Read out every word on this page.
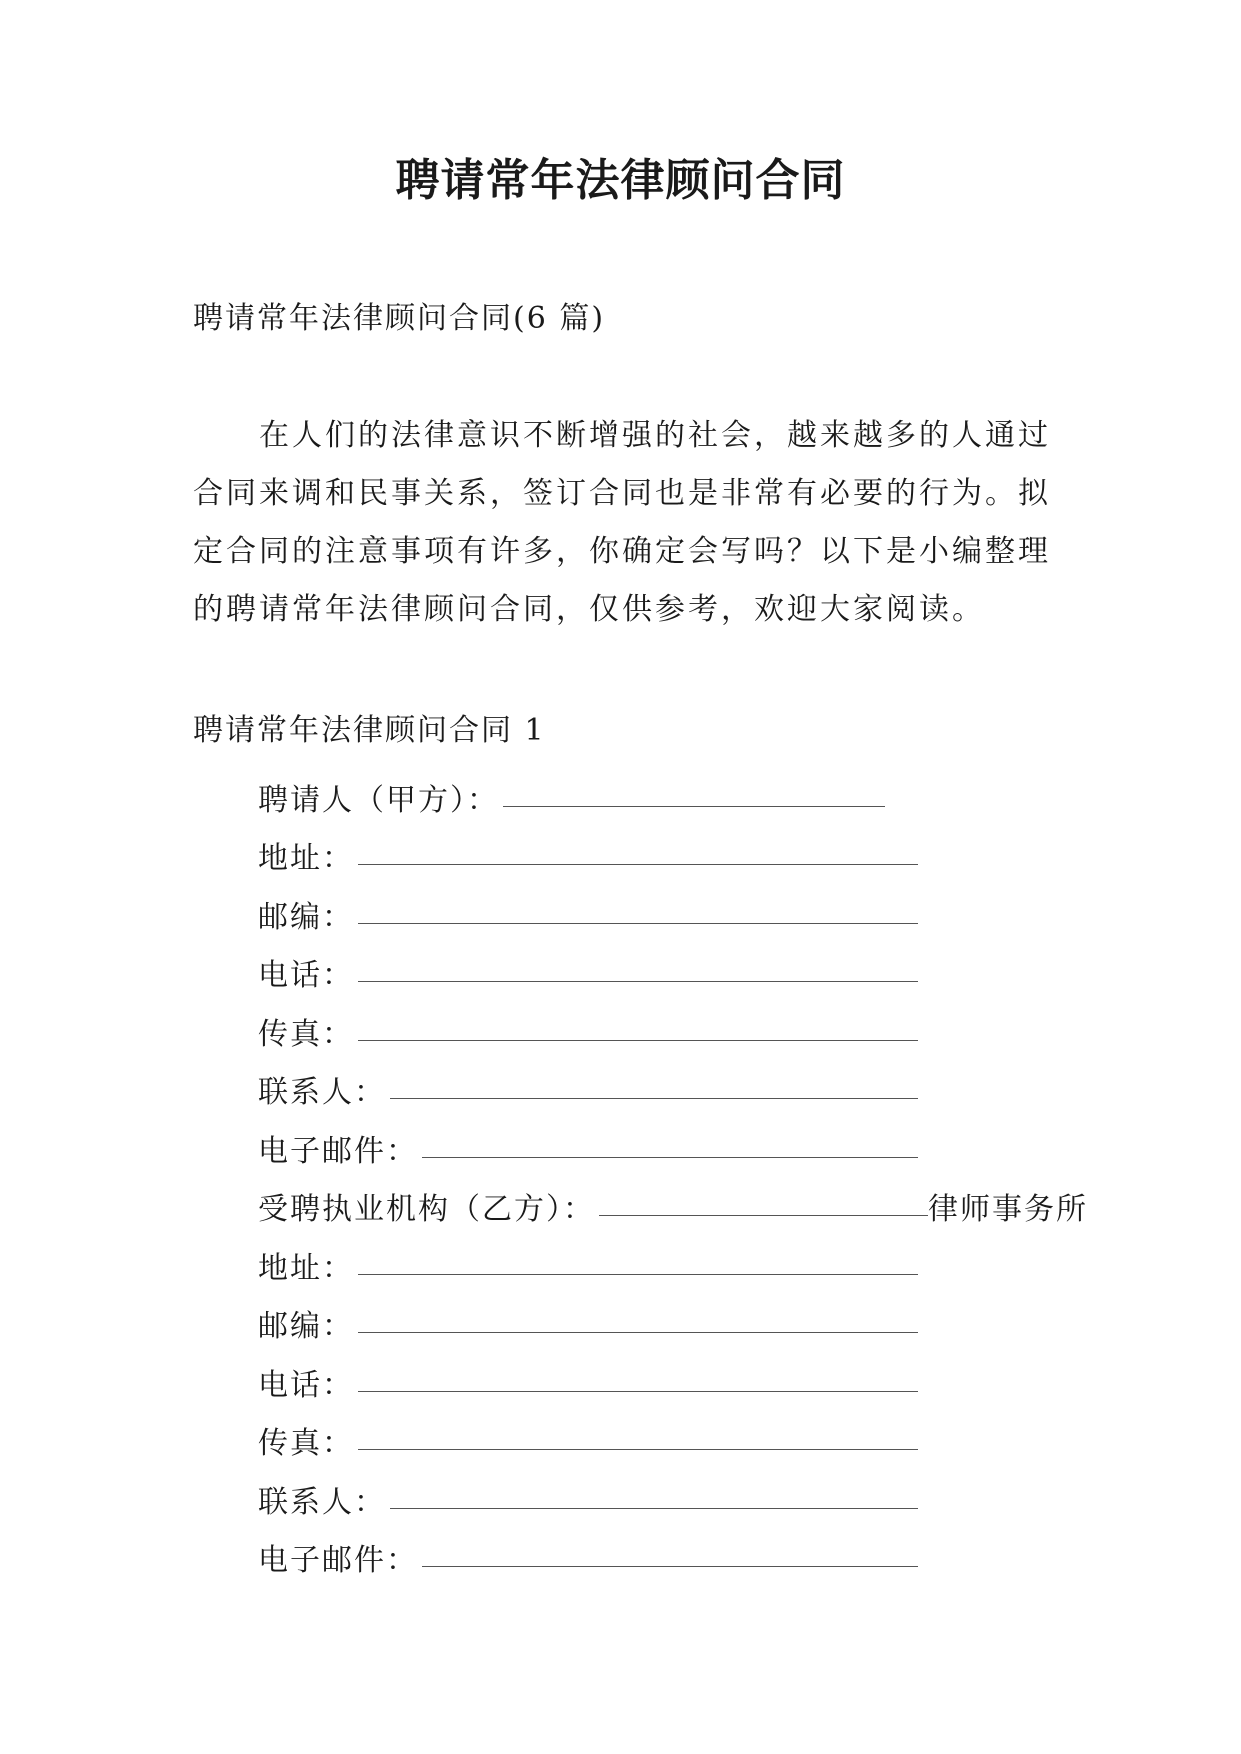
聘请常年法律顾问合同

聘请常年法律顾问合同(6 篇)

　　在人们的法律意识不断增强的社会，越来越多的人通过
合同来调和民事关系，签订合同也是非常有必要的行为。拟
定合同的注意事项有许多，你确定会写吗？以下是小编整理
的聘请常年法律顾问合同，仅供参考，欢迎大家阅读。

聘请常年法律顾问合同 1

聘请人（甲方）：
地址：
邮编：
电话：
传真：
联系人：
电子邮件：
受聘执业机构（乙方）：	律师事务所
地址：
邮编：
电话：
传真：
联系人：
电子邮件：
